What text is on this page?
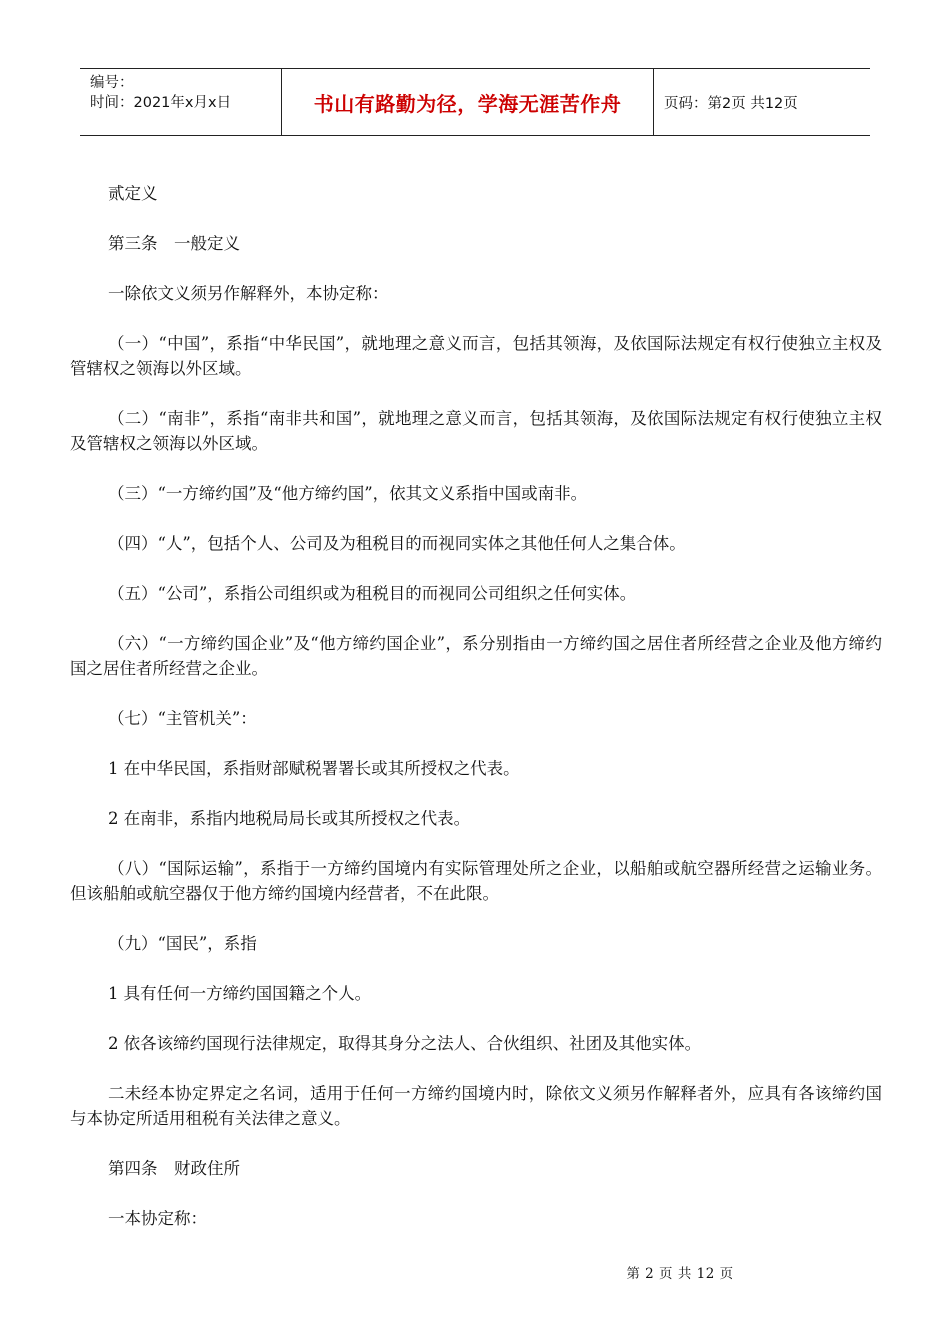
编号：
时间：2021年x月x日	书山有路勤为径，学海无涯苦作舟	页码：第2页 共12页

贰定义

第三条　一般定义

一除依文义须另作解释外，本协定称：

（一）“中国”，系指“中华民国”，就地理之意义而言，包括其领海，及依国际法规定有权行使独立主权及管辖权之领海以外区域。

（二）“南非”，系指“南非共和国”，就地理之意义而言，包括其领海，及依国际法规定有权行使独立主权及管辖权之领海以外区域。

（三）“一方缔约国”及“他方缔约国”，依其文义系指中国或南非。

（四）“人”，包括个人、公司及为租税目的而视同实体之其他任何人之集合体。

（五）“公司”，系指公司组织或为租税目的而视同公司组织之任何实体。

（六）“一方缔约国企业”及“他方缔约国企业”，系分别指由一方缔约国之居住者所经营之企业及他方缔约国之居住者所经营之企业。

（七）“主管机关”：

1 在中华民国，系指财部赋税署署长或其所授权之代表。

2 在南非，系指内地税局局长或其所授权之代表。

（八）“国际运输”，系指于一方缔约国境内有实际管理处所之企业，以船舶或航空器所经营之运输业务。但该船舶或航空器仅于他方缔约国境内经营者，不在此限。

（九）“国民”，系指

1 具有任何一方缔约国国籍之个人。

2 依各该缔约国现行法律规定，取得其身分之法人、合伙组织、社团及其他实体。

二未经本协定界定之名词，适用于任何一方缔约国境内时，除依文义须另作解释者外，应具有各该缔约国与本协定所适用租税有关法律之意义。

第四条　财政住所

一本协定称：

第 2 页 共 12 页
